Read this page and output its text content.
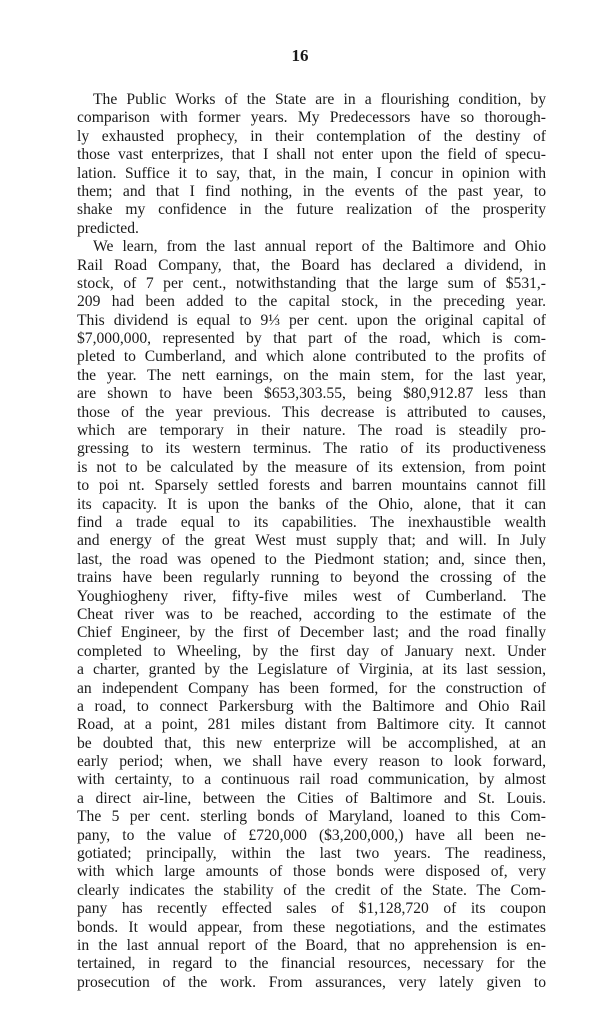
16
The Public Works of the State are in a flourishing condition, by
comparison with former years. My Predecessors have so thorough-
ly exhausted prophecy, in their contemplation of the destiny of
those vast enterprizes, that I shall not enter upon the field of specu-
lation. Suffice it to say, that, in the main, I concur in opinion with
them; and that I find nothing, in the events of the past year, to
shake my confidence in the future realization of the prosperity
predicted.
We learn, from the last annual report of the Baltimore and Ohio
Rail Road Company, that, the Board has declared a dividend, in
stock, of 7 per cent., notwithstanding that the large sum of $531,-
209 had been added to the capital stock, in the preceding year.
This dividend is equal to 9⅓ per cent. upon the original capital of
$7,000,000, represented by that part of the road, which is com-
pleted to Cumberland, and which alone contributed to the profits of
the year. The nett earnings, on the main stem, for the last year,
are shown to have been $653,303.55, being $80,912.87 less than
those of the year previous. This decrease is attributed to causes,
which are temporary in their nature. The road is steadily pro-
gressing to its western terminus. The ratio of its productiveness
is not to be calculated by the measure of its extension, from point
to poi nt. Sparsely settled forests and barren mountains cannot fill
its capacity. It is upon the banks of the Ohio, alone, that it can
find a trade equal to its capabilities. The inexhaustible wealth
and energy of the great West must supply that; and will. In July
last, the road was opened to the Piedmont station; and, since then,
trains have been regularly running to beyond the crossing of the
Youghiogheny river, fifty-five miles west of Cumberland. The
Cheat river was to be reached, according to the estimate of the
Chief Engineer, by the first of December last; and the road finally
completed to Wheeling, by the first day of January next. Under
a charter, granted by the Legislature of Virginia, at its last session,
an independent Company has been formed, for the construction of
a road, to connect Parkersburg with the Baltimore and Ohio Rail
Road, at a point, 281 miles distant from Baltimore city. It cannot
be doubted that, this new enterprize will be accomplished, at an
early period; when, we shall have every reason to look forward,
with certainty, to a continuous rail road communication, by almost
a direct air-line, between the Cities of Baltimore and St. Louis.
The 5 per cent. sterling bonds of Maryland, loaned to this Com-
pany, to the value of £720,000 ($3,200,000,) have all been ne-
gotiated; principally, within the last two years. The readiness,
with which large amounts of those bonds were disposed of, very
clearly indicates the stability of the credit of the State. The Com-
pany has recently effected sales of $1,128,720 of its coupon
bonds. It would appear, from these negotiations, and the estimates
in the last annual report of the Board, that no apprehension is en-
tertained, in regard to the financial resources, necessary for the
prosecution of the work. From assurances, very lately given to
